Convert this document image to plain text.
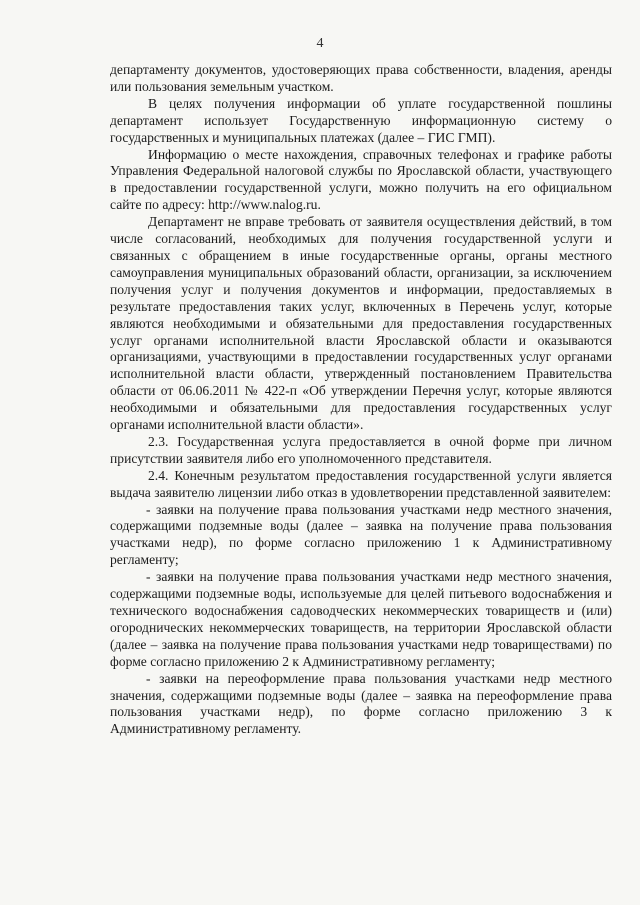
4

департаменту документов, удостоверяющих права собственности, владения, аренды или пользования земельным участком.

В целях получения информации об уплате государственной пошлины департамент использует Государственную информационную систему о государственных и муниципальных платежах (далее – ГИС ГМП).

Информацию о месте нахождения, справочных телефонах и графике работы Управления Федеральной налоговой службы по Ярославской области, участвующего в предоставлении государственной услуги, можно получить на его официальном сайте по адресу: http://www.nalog.ru.

Департамент не вправе требовать от заявителя осуществления действий, в том числе согласований, необходимых для получения государственной услуги и связанных с обращением в иные государственные органы, органы местного самоуправления муниципальных образований области, организации, за исключением получения услуг и получения документов и информации, предоставляемых в результате предоставления таких услуг, включенных в Перечень услуг, которые являются необходимыми и обязательными для предоставления государственных услуг органами исполнительной власти Ярославской области и оказываются организациями, участвующими в предоставлении государственных услуг органами исполнительной власти области, утвержденный постановлением Правительства области от 06.06.2011 № 422-п «Об утверждении Перечня услуг, которые являются необходимыми и обязательными для предоставления государственных услуг органами исполнительной власти области».

2.3. Государственная услуга предоставляется в очной форме при личном присутствии заявителя либо его уполномоченного представителя.

2.4. Конечным результатом предоставления государственной услуги является выдача заявителю лицензии либо отказ в удовлетворении представленной заявителем:

- заявки на получение права пользования участками недр местного значения, содержащими подземные воды (далее – заявка на получение права пользования участками недр), по форме согласно приложению 1 к Административному регламенту;

- заявки на получение права пользования участками недр местного значения, содержащими подземные воды, используемые для целей питьевого водоснабжения и технического водоснабжения садоводческих некоммерческих товариществ и (или) огороднических некоммерческих товариществ, на территории Ярославской области (далее – заявка на получение права пользования участками недр товариществами) по форме согласно приложению 2 к Административному регламенту;

- заявки на переоформление права пользования участками недр местного значения, содержащими подземные воды (далее – заявка на переоформление права пользования участками недр), по форме согласно приложению 3 к Административному регламенту.
